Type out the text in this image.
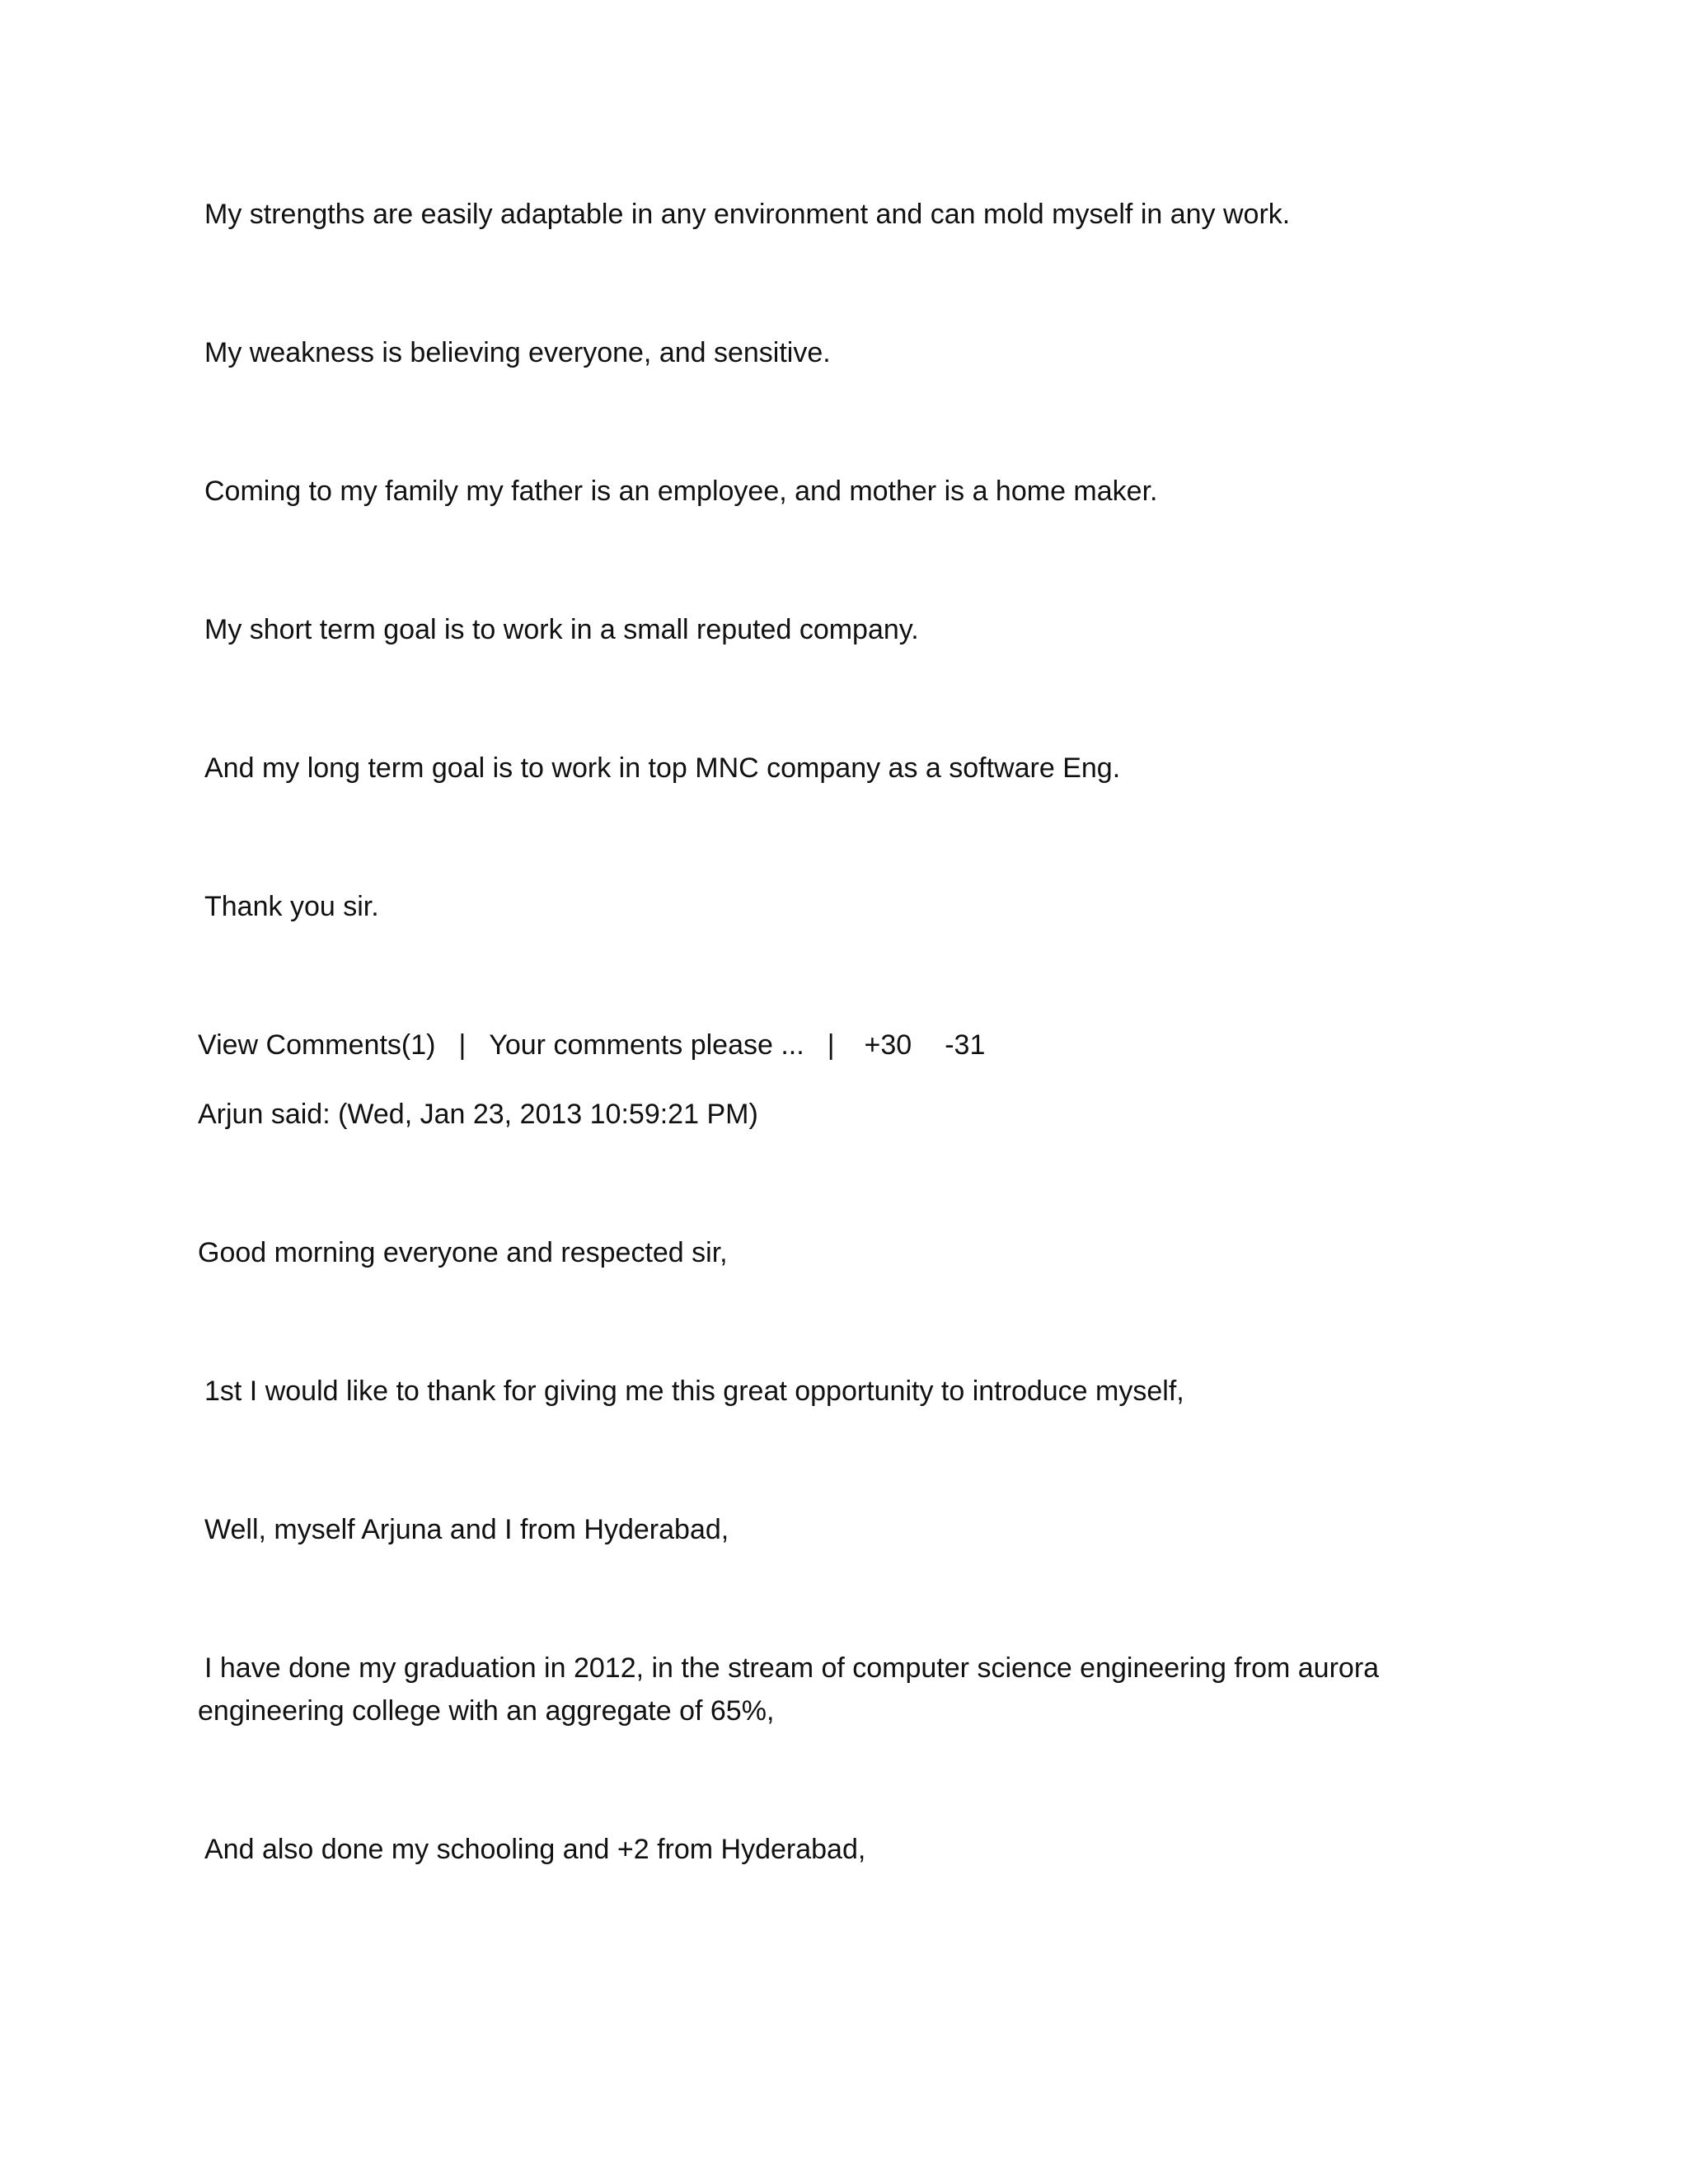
My strengths are easily adaptable in any environment and can mold myself in any work.
My weakness is believing everyone, and sensitive.
Coming to my family my father is an employee, and mother is a home maker.
My short term goal is to work in a small reputed company.
And my long term goal is to work in top MNC company as a software Eng.
Thank you sir.
View Comments(1) | Your comments please ... | +30 -31
Arjun said: (Wed, Jan 23, 2013 10:59:21 PM)
Good morning everyone and respected sir,
1st I would like to thank for giving me this great opportunity to introduce myself,
Well, myself Arjuna and I from Hyderabad,
I have done my graduation in 2012, in the stream of computer science engineering from aurora
engineering college with an aggregate of 65%,
And also done my schooling and +2 from Hyderabad,
